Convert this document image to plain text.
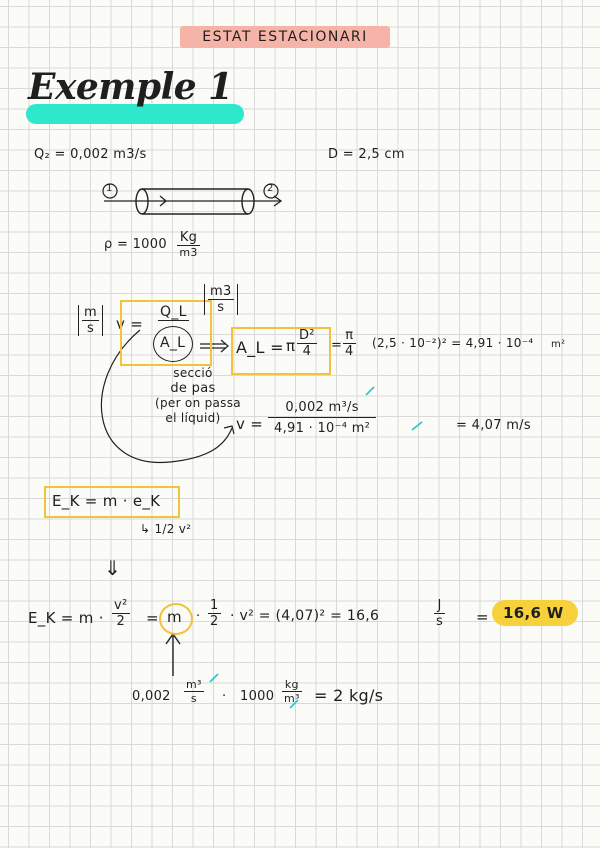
ESTAT ESTACIONARI
Exemple 1
Q₂ = 0,002 m3/s	D = 2,5 cm
1	2
$\rho = 1000 \frac{Kg}{m3}$
$\frac{m}{s}$ v =
Q_L
A_L
$\frac{m3}{s}$
A_L = π $\frac{\text{D²}}{4} = \frac{\pi}{4} (2,5 \cdot 10^{-2})^2 = 4,91 \cdot 10^{-4}$ m²
secció
de pas
(per on passa
el líquid)	$v = \frac{\text{0,002 m³/s}}{\text{4,91 · 10⁻⁴ m²}}$	= 4,07 m/s
E_K = m · e_K
↳ 1/2 v²
⇓
E_K = $m \cdot \frac{\text{v²}}{2} = m \cdot \frac{1}{2} \cdot v^2 = (4,07)^2 = 16,6$	$\frac{J}{s} = 16,6$ W
$0,002 \frac{\text{m³}}{s} \cdot 1000 \frac{kg}{\text{m³}} = 2$ kg/s
